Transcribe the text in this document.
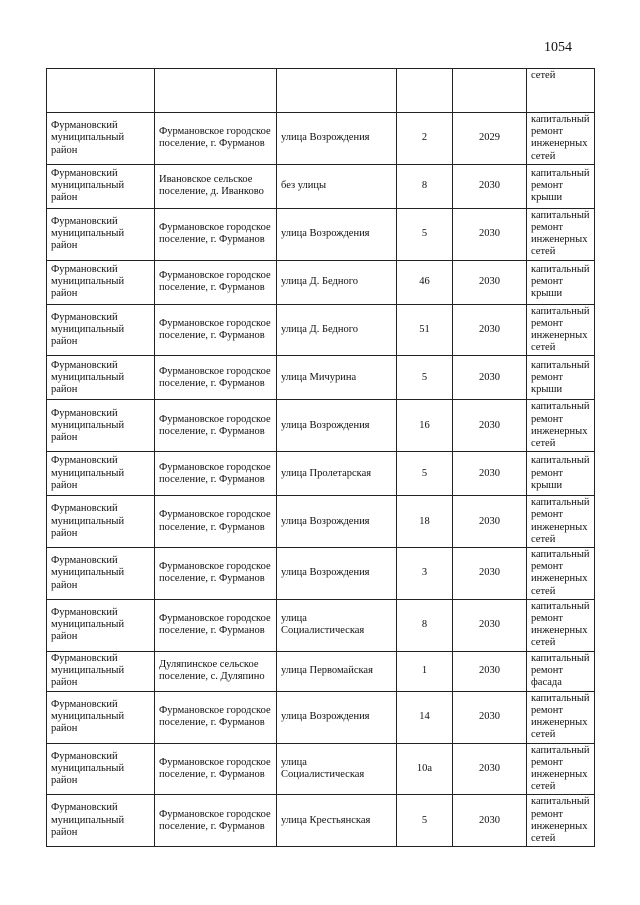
1054
					сетей
Фурмановский муниципальный район	Фурмановское городское поселение, г. Фурманов	улица Возрождения	2	2029	капитальный ремонт инженерных сетей
Фурмановский муниципальный район	Ивановское сельское поселение, д. Иванково	без улицы	8	2030	капитальный ремонт крыши
Фурмановский муниципальный район	Фурмановское городское поселение, г. Фурманов	улица Возрождения	5	2030	капитальный ремонт инженерных сетей
Фурмановский муниципальный район	Фурмановское городское поселение, г. Фурманов	улица Д. Бедного	46	2030	капитальный ремонт крыши
Фурмановский муниципальный район	Фурмановское городское поселение, г. Фурманов	улица Д. Бедного	51	2030	капитальный ремонт инженерных сетей
Фурмановский муниципальный район	Фурмановское городское поселение, г. Фурманов	улица Мичурина	5	2030	капитальный ремонт крыши
Фурмановский муниципальный район	Фурмановское городское поселение, г. Фурманов	улица Возрождения	16	2030	капитальный ремонт инженерных сетей
Фурмановский муниципальный район	Фурмановское городское поселение, г. Фурманов	улица Пролетарская	5	2030	капитальный ремонт крыши
Фурмановский муниципальный район	Фурмановское городское поселение, г. Фурманов	улица Возрождения	18	2030	капитальный ремонт инженерных сетей
Фурмановский муниципальный район	Фурмановское городское поселение, г. Фурманов	улица Возрождения	3	2030	капитальный ремонт инженерных сетей
Фурмановский муниципальный район	Фурмановское городское поселение, г. Фурманов	улица Социалистическая	8	2030	капитальный ремонт инженерных сетей
Фурмановский муниципальный район	Дуляпинское сельское поселение, с. Дуляпино	улица Первомайская	1	2030	капитальный ремонт фасада
Фурмановский муниципальный район	Фурмановское городское поселение, г. Фурманов	улица Возрождения	14	2030	капитальный ремонт инженерных сетей
Фурмановский муниципальный район	Фурмановское городское поселение, г. Фурманов	улица Социалистическая	10а	2030	капитальный ремонт инженерных сетей
Фурмановский муниципальный район	Фурмановское городское поселение, г. Фурманов	улица Крестьянская	5	2030	капитальный ремонт инженерных сетей
